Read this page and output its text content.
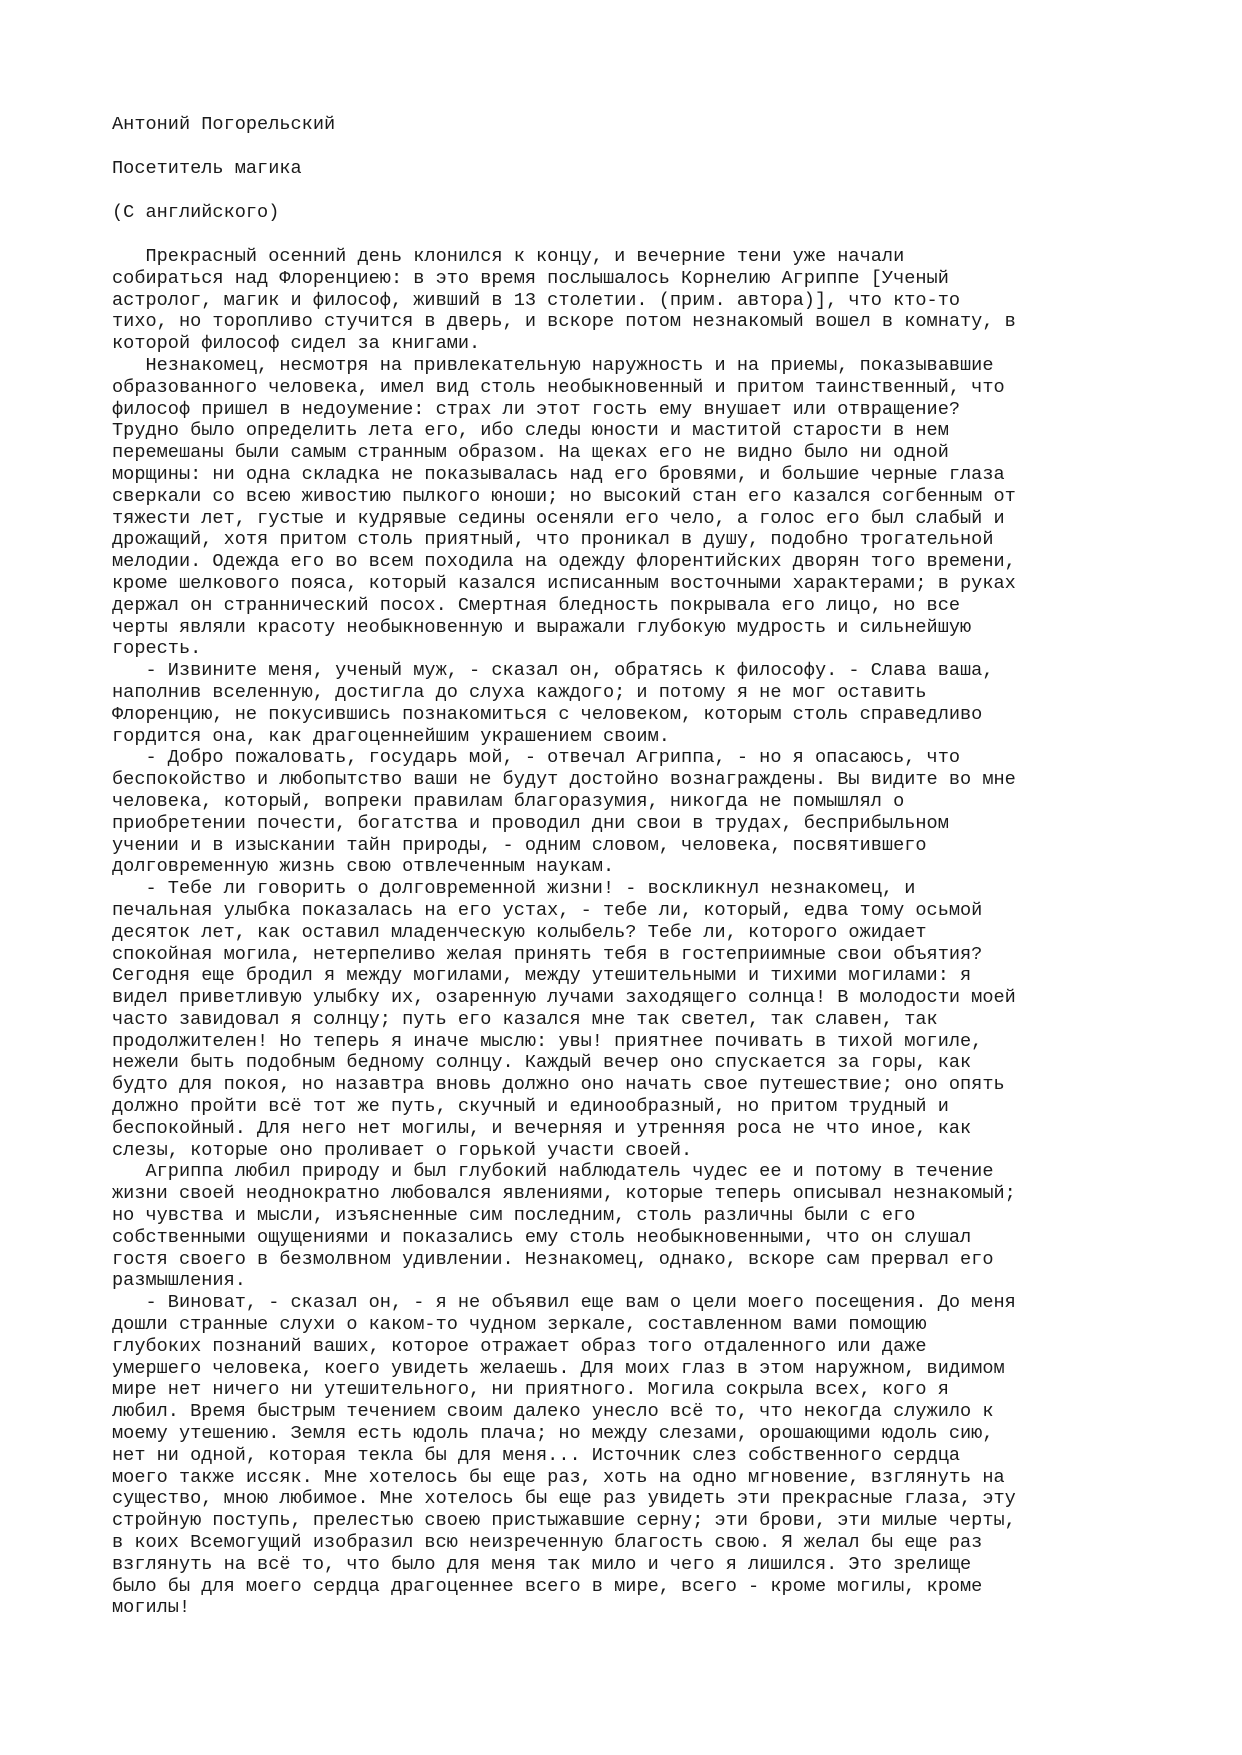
Антоний Погорельский
Посетитель магика
(С английского)
Прекрасный осенний день клонился к концу, и вечерние тени уже начали
собираться над Флоренциею: в это время послышалось Корнелию Агриппе [Ученый
астролог, магик и философ, живший в 13 столетии. (прим. автора)], что кто-то
тихо, но торопливо стучится в дверь, и вскоре потом незнакомый вошел в комнату, в
которой философ сидел за книгами.
Незнакомец, несмотря на привлекательную наружность и на приемы, показывавшие
образованного человека, имел вид столь необыкновенный и притом таинственный, что
философ пришел в недоумение: страх ли этот гость ему внушает или отвращение?
Трудно было определить лета его, ибо следы юности и маститой старости в нем
перемешаны были самым странным образом. На щеках его не видно было ни одной
морщины: ни одна складка не показывалась над его бровями, и большие черные глаза
сверкали со всею живостию пылкого юноши; но высокий стан его казался согбенным от
тяжести лет, густые и кудрявые седины осеняли его чело, а голос его был слабый и
дрожащий, хотя притом столь приятный, что проникал в душу, подобно трогательной
мелодии. Одежда его во всем походила на одежду флорентийских дворян того времени,
кроме шелкового пояса, который казался исписанным восточными характерами; в руках
держал он страннический посох. Смертная бледность покрывала его лицо, но все
черты являли красоту необыкновенную и выражали глубокую мудрость и сильнейшую
горесть.
- Извините меня, ученый муж, - сказал он, обратясь к философу. - Слава ваша,
наполнив вселенную, достигла до слуха каждого; и потому я не мог оставить
Флоренцию, не покусившись познакомиться с человеком, которым столь справедливо
гордится она, как драгоценнейшим украшением своим.
- Добро пожаловать, государь мой, - отвечал Агриппа, - но я опасаюсь, что
беспокойство и любопытство ваши не будут достойно вознаграждены. Вы видите во мне
человека, который, вопреки правилам благоразумия, никогда не помышлял о
приобретении почести, богатства и проводил дни свои в трудах, бесприбыльном
учении и в изыскании тайн природы, - одним словом, человека, посвятившего
долговременную жизнь свою отвлеченным наукам.
- Тебе ли говорить о долговременной жизни! - воскликнул незнакомец, и
печальная улыбка показалась на его устах, - тебе ли, который, едва тому осьмой
десяток лет, как оставил младенческую колыбель? Тебе ли, которого ожидает
спокойная могила, нетерпеливо желая принять тебя в гостеприимные свои объятия?
Сегодня еще бродил я между могилами, между утешительными и тихими могилами: я
видел приветливую улыбку их, озаренную лучами заходящего солнца! В молодости моей
часто завидовал я солнцу; путь его казался мне так светел, так славен, так
продолжителен! Но теперь я иначе мыслю: увы! приятнее почивать в тихой могиле,
нежели быть подобным бедному солнцу. Каждый вечер оно спускается за горы, как
будто для покоя, но назавтра вновь должно оно начать свое путешествие; оно опять
должно пройти всё тот же путь, скучный и единообразный, но притом трудный и
беспокойный. Для него нет могилы, и вечерняя и утренняя роса не что иное, как
слезы, которые оно проливает о горькой участи своей.
Агриппа любил природу и был глубокий наблюдатель чудес ее и потому в течение
жизни своей неоднократно любовался явлениями, которые теперь описывал незнакомый;
но чувства и мысли, изъясненные сим последним, столь различны были с его
собственными ощущениями и показались ему столь необыкновенными, что он слушал
гостя своего в безмолвном удивлении. Незнакомец, однако, вскоре сам прервал его
размышления.
- Виноват, - сказал он, - я не объявил еще вам о цели моего посещения. До меня
дошли странные слухи о каком-то чудном зеркале, составленном вами помощию
глубоких познаний ваших, которое отражает образ того отдаленного или даже
умершего человека, коего увидеть желаешь. Для моих глаз в этом наружном, видимом
мире нет ничего ни утешительного, ни приятного. Могила сокрыла всех, кого я
любил. Время быстрым течением своим далеко унесло всё то, что некогда служило к
моему утешению. Земля есть юдоль плача; но между слезами, орошающими юдоль сию,
нет ни одной, которая текла бы для меня... Источник слез собственного сердца
моего также иссяк. Мне хотелось бы еще раз, хоть на одно мгновение, взглянуть на
существо, мною любимое. Мне хотелось бы еще раз увидеть эти прекрасные глаза, эту
стройную поступь, прелестью своею пристыжавшие серну; эти брови, эти милые черты,
в коих Всемогущий изобразил всю неизреченную благость свою. Я желал бы еще раз
взглянуть на всё то, что было для меня так мило и чего я лишился. Это зрелище
было бы для моего сердца драгоценнее всего в мире, всего - кроме могилы, кроме
могилы!
